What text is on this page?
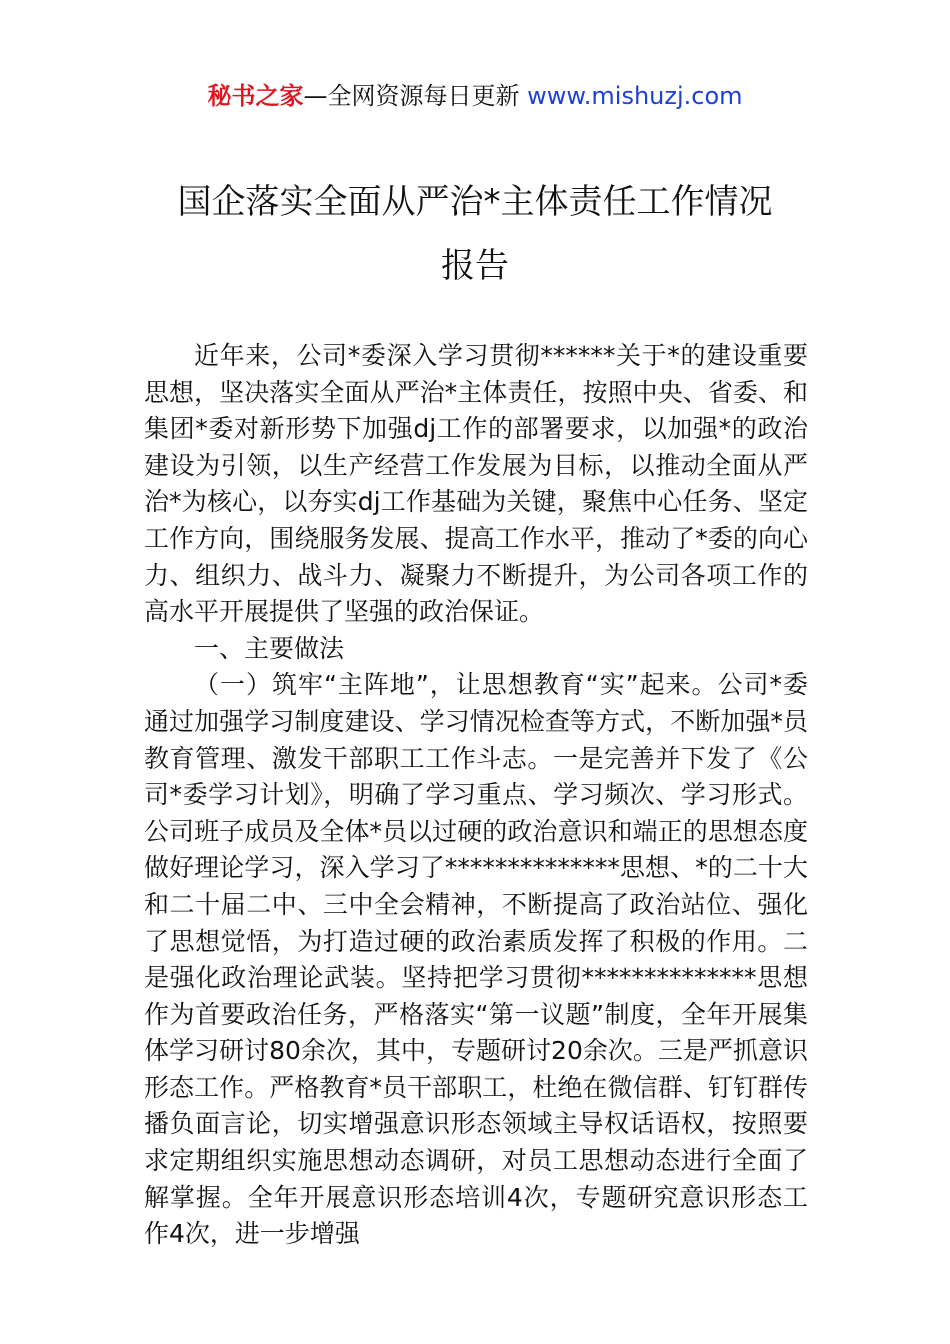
秘书之家—全网资源每日更新 www.mishuzj.com
国企落实全面从严治*主体责任工作情况
报告

近年来，公司*委深入学习贯彻******关于*的建设重要思想，坚决落实全面从严治*主体责任，按照中央、省委、和集团*委对新形势下加强dj工作的部署要求，以加强*的政治建设为引领，以生产经营工作发展为目标，以推动全面从严治*为核心，以夯实dj工作基础为关键，聚焦中心任务、坚定工作方向，围绕服务发展、提高工作水平，推动了*委的向心力、组织力、战斗力、凝聚力不断提升，为公司各项工作的高水平开展提供了坚强的政治保证。

一、主要做法

（一）筑牢“主阵地”，让思想教育“实”起来。公司*委通过加强学习制度建设、学习情况检查等方式，不断加强*员教育管理、激发干部职工工作斗志。一是完善并下发了《公司*委学习计划》，明确了学习重点、学习频次、学习形式。公司班子成员及全体*员以过硬的政治意识和端正的思想态度做好理论学习，深入学习了**************思想、*的二十大和二十届二中、三中全会精神，不断提高了政治站位、强化了思想觉悟，为打造过硬的政治素质发挥了积极的作用。二是强化政治理论武装。坚持把学习贯彻**************思想作为首要政治任务，严格落实“第一议题”制度，全年开展集体学习研讨80余次，其中，专题研讨20余次。三是严抓意识形态工作。严格教育*员干部职工，杜绝在微信群、钉钉群传播负面言论，切实增强意识形态领域主导权话语权，按照要求定期组织实施思想动态调研，对员工思想动态进行全面了解掌握。全年开展意识形态培训4次，专题研究意识形态工作4次，进一步增强
